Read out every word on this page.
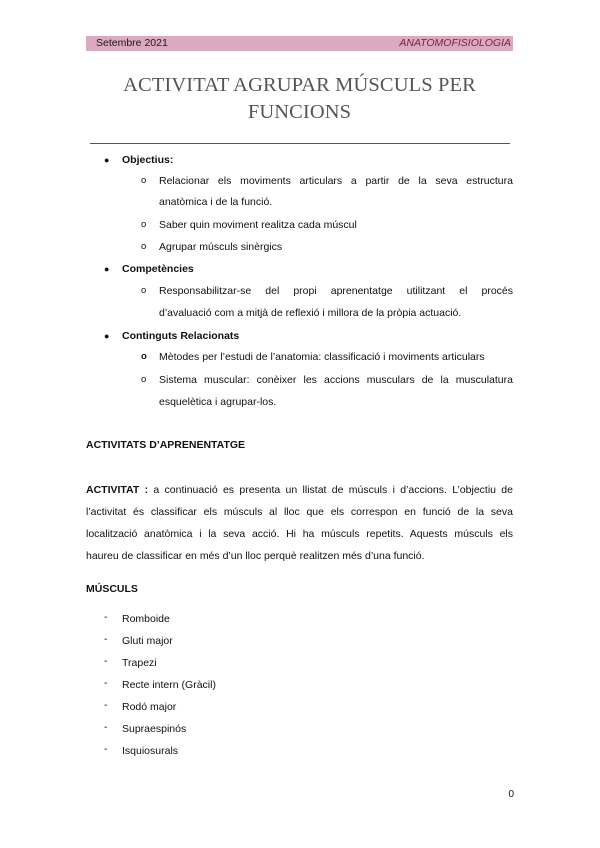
Setembre 2021	ANATOMOFISIOLOGIA
ACTIVITAT AGRUPAR MÚSCULS PER
FUNCIONS
● Objectius:
o Relacionar els moviments articulars a partir de la seva estructura
anatòmica i de la funció.
o Saber quin moviment realitza cada múscul
o Agrupar músculs sinèrgics
● Competències
o Responsabilitzar-se del propi aprenentatge utilitzant el procés
d’avaluació com a mitjà de reflexió i millora de la pròpia actuació.
● Continguts Relacionats
o Mètodes per l’estudi de l’anatomia: classificació i moviments articulars
o Sistema muscular: conèixer les accions musculars de la musculatura
esquelètica i agrupar-los.
ACTIVITATS D’APRENENTATGE
ACTIVITAT : a continuació es presenta un llistat de músculs i d’accions. L’objectiu de
l’activitat és classificar els músculs al lloc que els correspon en funció de la seva
localització anatòmica i la seva acció. Hi ha músculs repetits. Aquests músculs els
haureu de classificar en més d’un lloc perquè realitzen més d’una funció.
MÚSCULS
- Romboide
- Gluti major
- Trapezi
- Recte intern (Gràcil)
- Rodó major
- Supraespinós
- Isquiosurals
0
